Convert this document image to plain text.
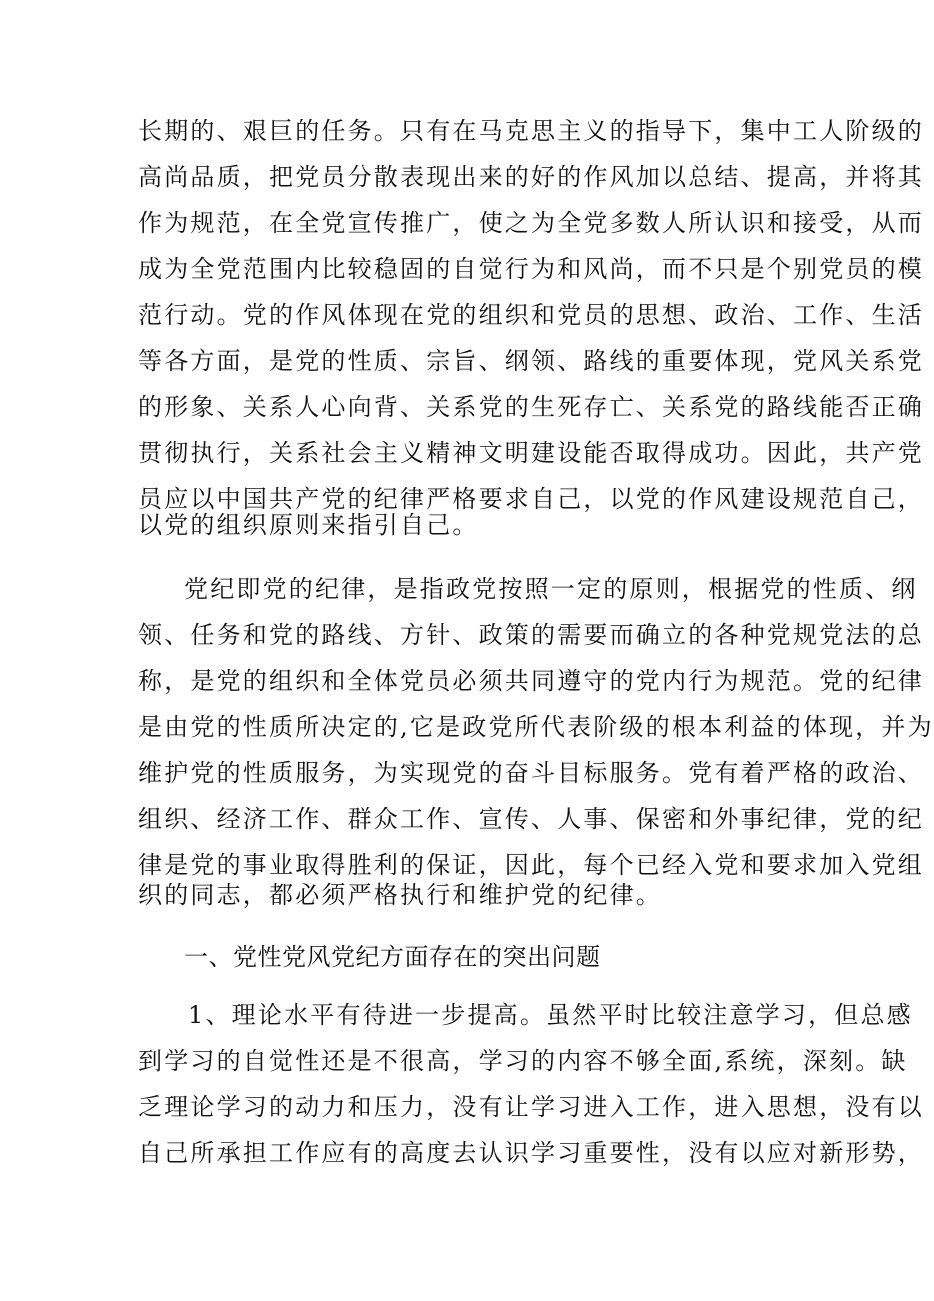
长期的、艰巨的任务。只有在马克思主义的指导下，集中工人阶级的
高尚品质，把党员分散表现出来的好的作风加以总结、提高，并将其
作为规范，在全党宣传推广，使之为全党多数人所认识和接受，从而
成为全党范围内比较稳固的自觉行为和风尚，而不只是个别党员的模
范行动。党的作风体现在党的组织和党员的思想、政治、工作、生活
等各方面，是党的性质、宗旨、纲领、路线的重要体现，党风关系党
的形象、关系人心向背、关系党的生死存亡、关系党的路线能否正确
贯彻执行，关系社会主义精神文明建设能否取得成功。因此，共产党
员应以中国共产党的纪律严格要求自己，以党的作风建设规范自己，
以党的组织原则来指引自己。
党纪即党的纪律，是指政党按照一定的原则，根据党的性质、纲
领、任务和党的路线、方针、政策的需要而确立的各种党规党法的总
称，是党的组织和全体党员必须共同遵守的党内行为规范。党的纪律
是由党的性质所决定的,它是政党所代表阶级的根本利益的体现，并为
维护党的性质服务，为实现党的奋斗目标服务。党有着严格的政治、
组织、经济工作、群众工作、宣传、人事、保密和外事纪律，党的纪
律是党的事业取得胜利的保证，因此，每个已经入党和要求加入党组
织的同志，都必须严格执行和维护党的纪律。
一、党性党风党纪方面存在的突出问题
1、理论水平有待进一步提高。虽然平时比较注意学习，但总感
到学习的自觉性还是不很高，学习的内容不够全面,系统，深刻。缺
乏理论学习的动力和压力，没有让学习进入工作，进入思想，没有以
自己所承担工作应有的高度去认识学习重要性，没有以应对新形势，
